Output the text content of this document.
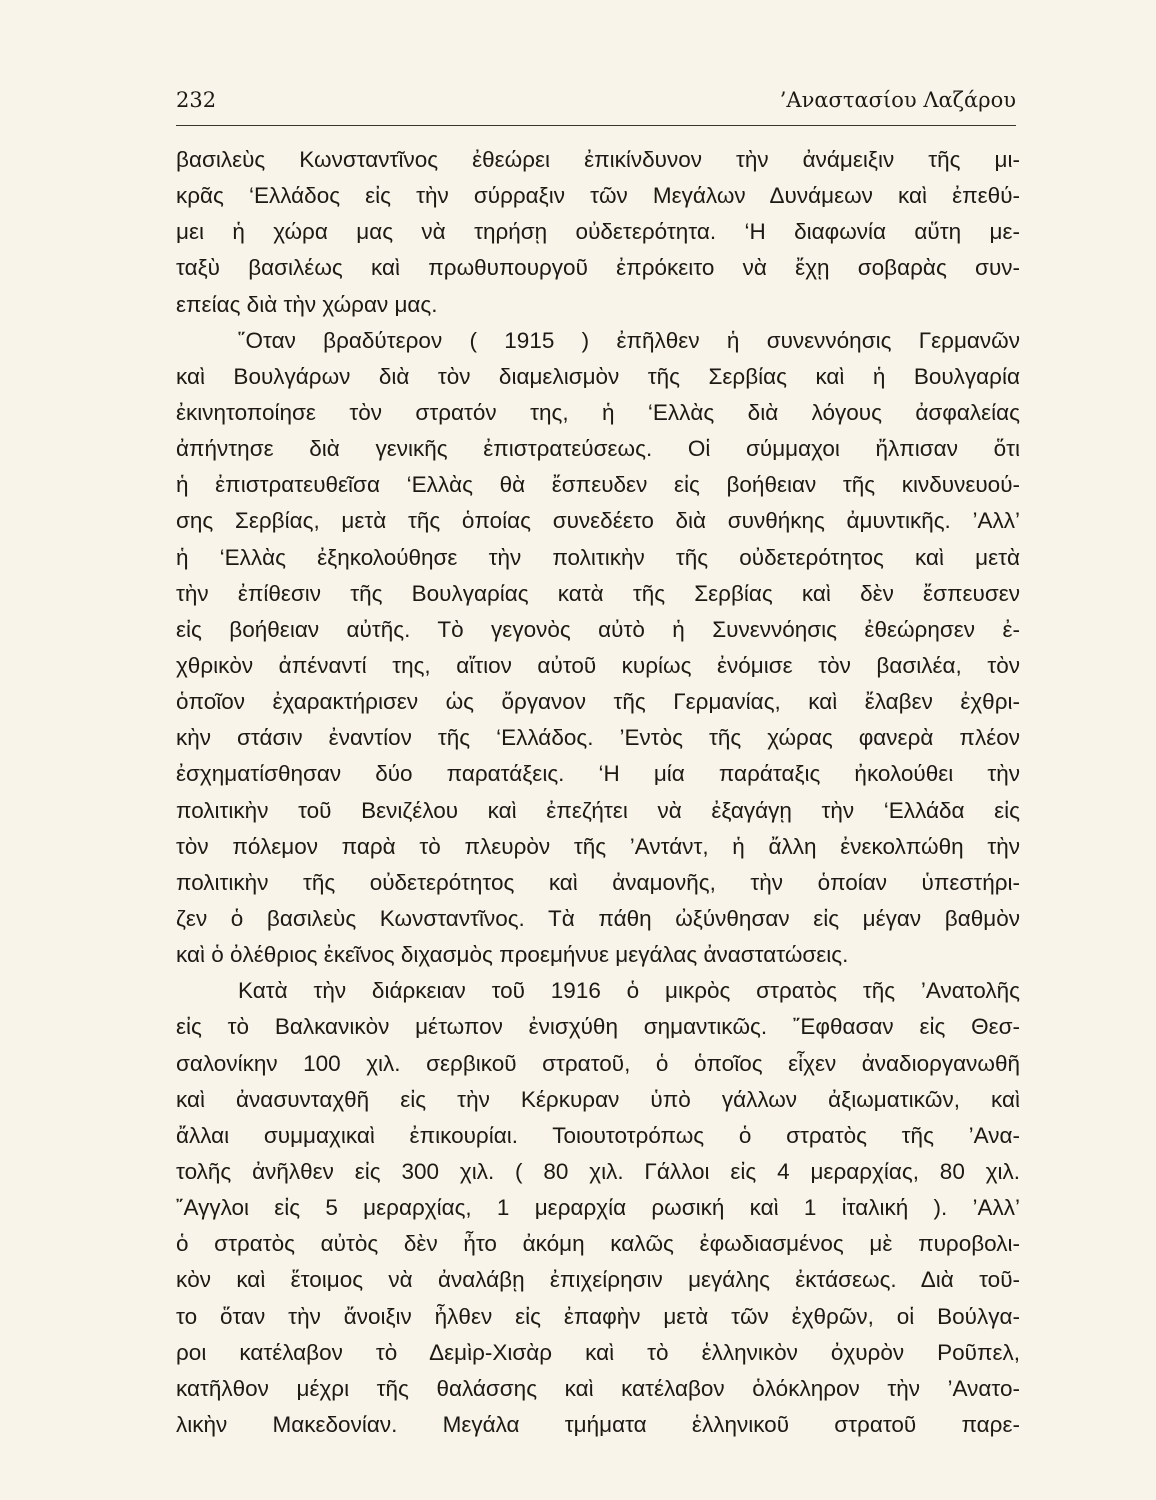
232	’Αναστασίου Λαζάρου
βασιλεὺς Κωνσταντῖνος ἐθεώρει ἐπικίνδυνον τὴν ἀνάμειξιν τῆς μι-
κρᾶς ‘Ελλάδος εἰς τὴν σύρραξιν τῶν Μεγάλων Δυνάμεων καὶ ἐπεθύ-
μει ἡ χώρα μας νὰ τηρήσῃ οὐδετερότητα. ‘Η διαφωνία αὕτη με-
ταξὺ βασιλέως καὶ πρωθυπουργοῦ ἐπρόκειτο νὰ ἔχῃ σοβαρὰς συν-
επείας διὰ τὴν χώραν μας.
῞Οταν βραδύτερον ( 1915 ) ἐπῆλθεν ἡ συνεννόησις Γερμανῶν
καὶ Βουλγάρων διὰ τὸν διαμελισμὸν τῆς Σερβίας καὶ ἡ Βουλγαρία
ἐκινητοποίησε τὸν στρατόν της, ἡ ‘Ελλὰς διὰ λόγους ἀσφαλείας
ἀπήντησε διὰ γενικῆς ἐπιστρατεύσεως. Οἱ σύμμαχοι ἤλπισαν ὅτι
ἡ ἐπιστρατευθεῖσα ‘Ελλὰς θὰ ἔσπευδεν εἰς βοήθειαν τῆς κινδυνευού-
σης Σερβίας, μετὰ τῆς ὁποίας συνεδέετο διὰ συνθήκης ἀμυντικῆς. ’Αλλ’
ἡ ‘Ελλὰς ἐξηκολούθησε τὴν πολιτικὴν τῆς οὐδετερότητος καὶ μετὰ
τὴν ἐπίθεσιν τῆς Βουλγαρίας κατὰ τῆς Σερβίας καὶ δὲν ἔσπευσεν
εἰς βοήθειαν αὐτῆς. Τὸ γεγονὸς αὐτὸ ἡ Συνεννόησις ἐθεώρησεν ἐ-
χθρικὸν ἀπέναντί της, αἴτιον αὐτοῦ κυρίως ἐνόμισε τὸν βασιλέα, τὸν
ὁποῖον ἐχαρακτήρισεν ὡς ὄργανον τῆς Γερμανίας, καὶ ἔλαβεν ἐχθρι-
κὴν στάσιν ἐναντίον τῆς ‘Ελλάδος. ’Εντὸς τῆς χώρας φανερὰ πλέον
ἐσχηματίσθησαν δύο παρατάξεις. ‘Η μία παράταξις ἠκολούθει τὴν
πολιτικὴν τοῦ Βενιζέλου καὶ ἐπεζήτει νὰ ἐξαγάγῃ τὴν ‘Ελλάδα εἰς
τὸν πόλεμον παρὰ τὸ πλευρὸν τῆς ’Αντάντ, ἡ ἄλλη ἐνεκολπώθη τὴν
πολιτικὴν τῆς οὐδετερότητος καὶ ἀναμονῆς, τὴν ὁποίαν ὑπεστήρι-
ζεν ὁ βασιλεὺς Κωνσταντῖνος. Τὰ πάθη ὠξύνθησαν εἰς μέγαν βαθμὸν
καὶ ὁ ὀλέθριος ἐκεῖνος διχασμὸς προεμήνυε μεγάλας ἀναστατώσεις.
Κατὰ τὴν διάρκειαν τοῦ 1916 ὁ μικρὸς στρατὸς τῆς ’Ανατολῆς
εἰς τὸ Βαλκανικὸν μέτωπον ἐνισχύθη σημαντικῶς. ῎Εφθασαν εἰς Θεσ-
σαλονίκην 100 χιλ. σερβικοῦ στρατοῦ, ὁ ὁποῖος εἶχεν ἀναδιοργανωθῆ
καὶ ἀνασυνταχθῆ εἰς τὴν Κέρκυραν ὑπὸ γάλλων ἀξιωματικῶν, καὶ
ἄλλαι συμμαχικαὶ ἐπικουρίαι. Τοιουτοτρόπως ὁ στρατὸς τῆς ’Ανα-
τολῆς ἀνῆλθεν εἰς 300 χιλ. ( 80 χιλ. Γάλλοι εἰς 4 μεραρχίας, 80 χιλ.
῎Αγγλοι εἰς 5 μεραρχίας, 1 μεραρχία ρωσική καὶ 1 ἰταλική ). ’Αλλ’
ὁ στρατὸς αὐτὸς δὲν ἦτο ἀκόμη καλῶς ἐφωδιασμένος μὲ πυροβολι-
κὸν καὶ ἕτοιμος νὰ ἀναλάβῃ ἐπιχείρησιν μεγάλης ἐκτάσεως. Διὰ τοῦ-
το ὅταν τὴν ἄνοιξιν ἦλθεν εἰς ἐπαφὴν μετὰ τῶν ἐχθρῶν, οἱ Βούλγα-
ροι κατέλαβον τὸ Δεμὶρ-Χισὰρ καὶ τὸ ἑλληνικὸν ὀχυρὸν Ροῦπελ,
κατῆλθον μέχρι τῆς θαλάσσης καὶ κατέλαβον ὁλόκληρον τὴν ’Ανατο-
λικὴν Μακεδονίαν. Μεγάλα τμήματα ἑλληνικοῦ στρατοῦ παρε-
